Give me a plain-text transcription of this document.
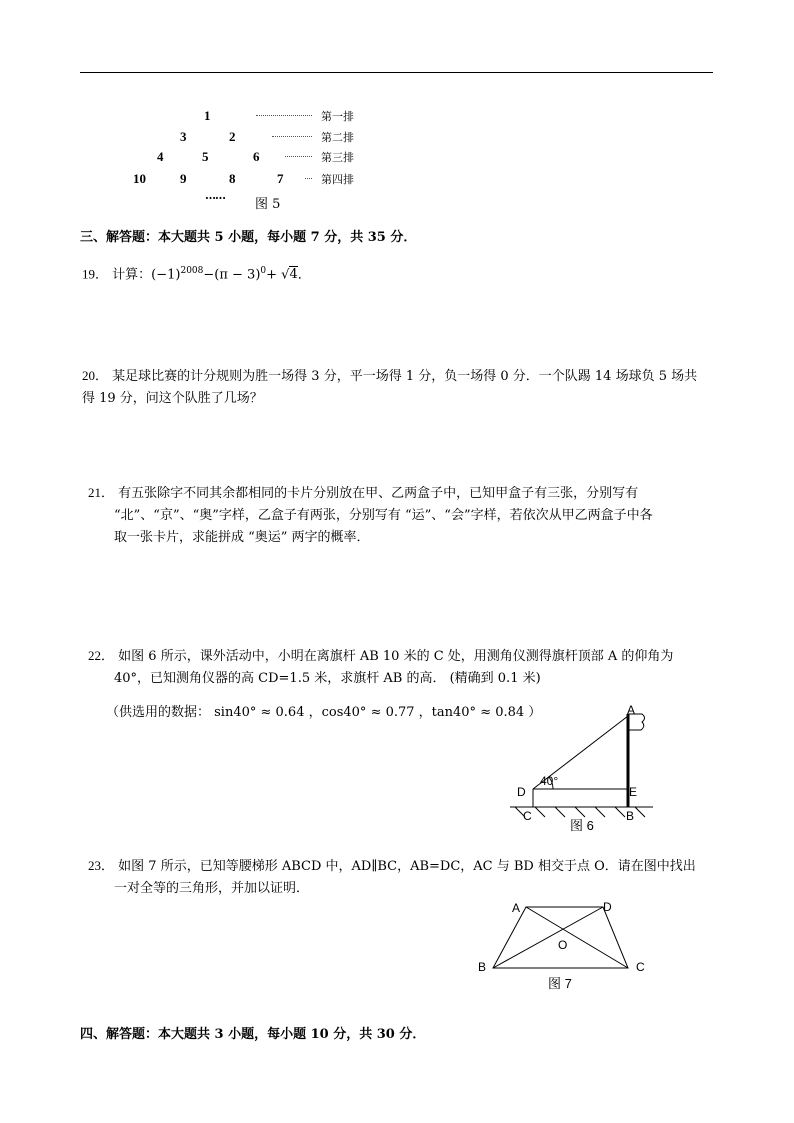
1	第一排
3	2	第二排
4	5	6	第三排
10	9	8	7	第四排
……
图 5
三、解答题：本大题共 5 小题，每小题 7 分，共 35 分．
19． 计算：$(-1)^{2008}-(\pi - 3)^0+ √4$．
20． 某足球比赛的计分规则为胜一场得 3 分，平一场得 1 分，负一场得 0 分．一个队踢 14 场球负 5 场共
得 19 分，问这个队胜了几场？
21． 有五张除字不同其余都相同的卡片分别放在甲、乙两盒子中，已知甲盒子有三张，分别写有
“北”、“京”、“奥”字样，乙盒子有两张，分别写有 “运”、“会”字样，若依次从甲乙两盒子中各
取一张卡片，求能拼成 “奥运” 两字的概率．
22． 如图 6 所示，课外活动中，小明在离旗杆 AB 10 米的 C 处，用测角仪测得旗杆顶部 A 的仰角为
40°，已知测角仪器的高 CD=1.5 米，求旗杆 AB 的高． (精确到 0.1 米)
（供选用的数据： sin40° ≈ 0.64 ，cos40° ≈ 0.77 ，tan40° ≈ 0.84 ）
40°
A
D	E
C	B
图 6
23． 如图 7 所示，已知等腰梯形 ABCD 中，AD∥BC，AB=DC，AC 与 BD 相交于点 O．请在图中找出
一对全等的三角形，并加以证明．
A	D
O
B	C
图 7
四、解答题：本大题共 3 小题，每小题 10 分，共 30 分．
